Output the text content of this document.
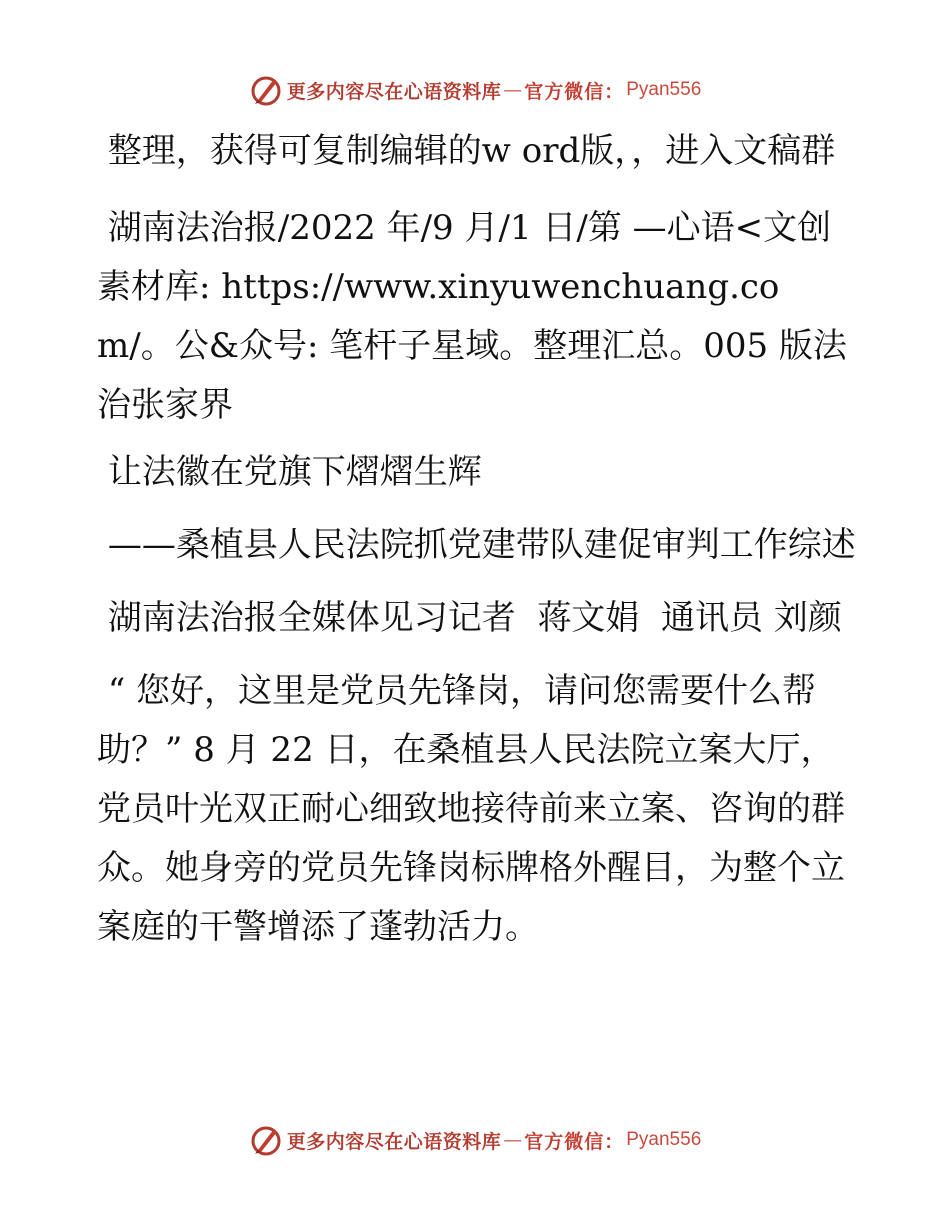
更多内容尽在心语资料库 — 官方微信： Pyan556

整理，获得可复制编辑的w ord版，，进入文稿群

湖南法治报/2022 年/9 月/1 日/第 —心语<文创素材库: https://www.xinyuwenchuang.com/。公&众号: 笔杆子星域。整理汇总。005 版法治张家界

让法徽在党旗下熠熠生辉

——桑植县人民法院抓党建带队建促审判工作综述

湖南法治报全媒体见习记者  蒋文娟  通讯员 刘颜

“ 您好，这里是党员先锋岗，请问您需要什么帮助？” 8 月 22 日，在桑植县人民法院立案大厅，党员叶光双正耐心细致地接待前来立案、咨询的群众。她身旁的党员先锋岗标牌格外醒目，为整个立案庭的干警增添了蓬勃活力。

更多内容尽在心语资料库 — 官方微信： Pyan556
